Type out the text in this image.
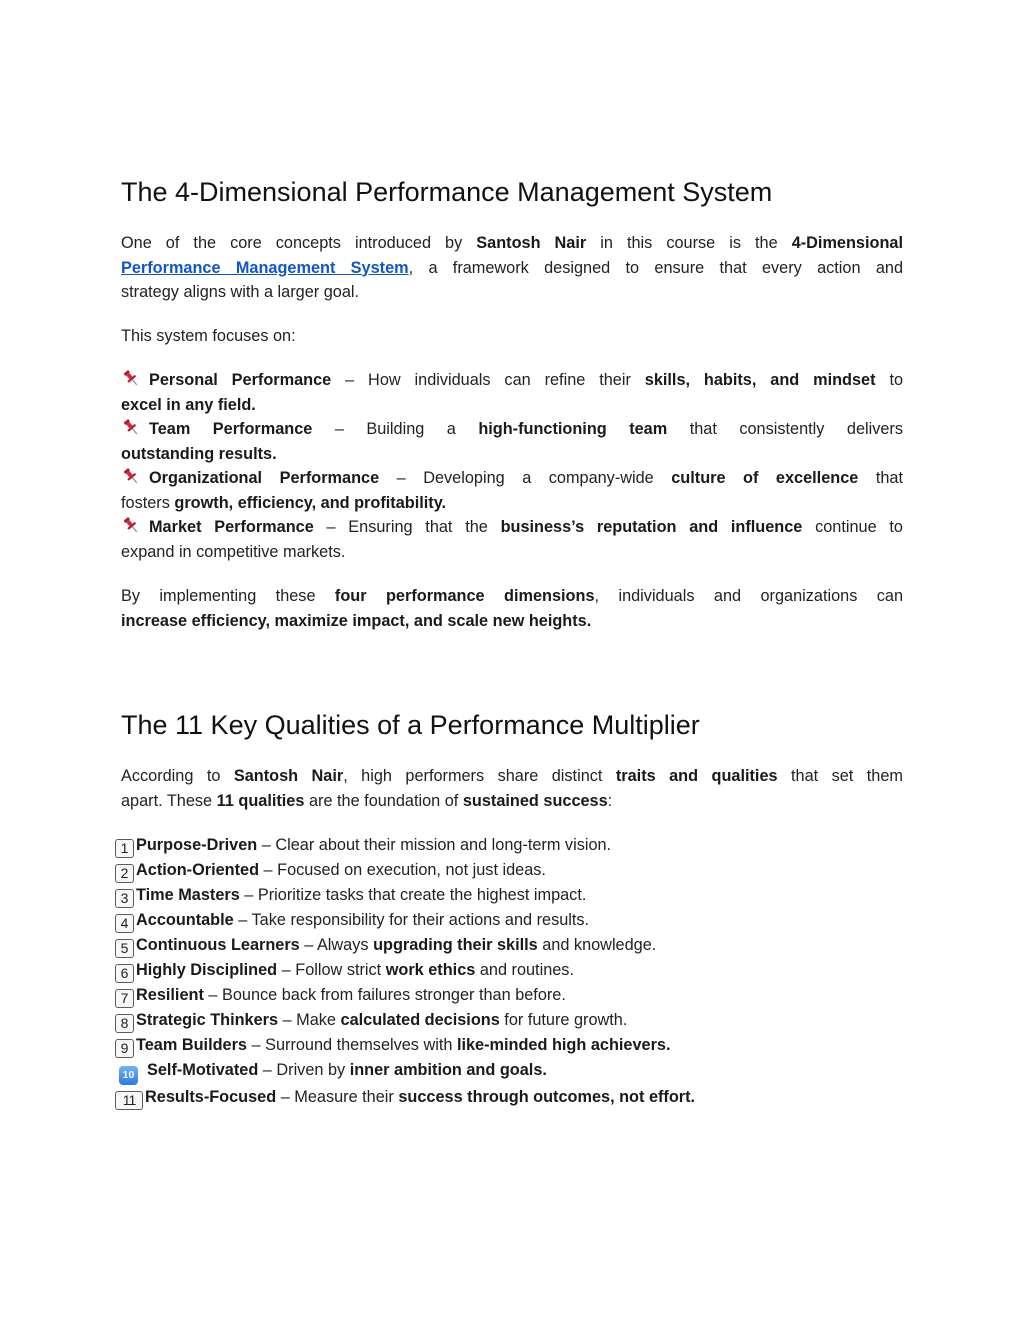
The 4-Dimensional Performance Management System

One of the core concepts introduced by Santosh Nair in this course is the 4-Dimensional
Performance Management System, a framework designed to ensure that every action and
strategy aligns with a larger goal.

This system focuses on:

Personal Performance – How individuals can refine their skills, habits, and mindset to
excel in any field.
Team Performance – Building a high-functioning team that consistently delivers
outstanding results.
Organizational Performance – Developing a company-wide culture of excellence that
fosters growth, efficiency, and profitability.
Market Performance – Ensuring that the business’s reputation and influence continue to
expand in competitive markets.

By implementing these four performance dimensions, individuals and organizations can
increase efficiency, maximize impact, and scale new heights.

The 11 Key Qualities of a Performance Multiplier

According to Santosh Nair, high performers share distinct traits and qualities that set them
apart. These 11 qualities are the foundation of sustained success:

1 Purpose-Driven – Clear about their mission and long-term vision.
2 Action-Oriented – Focused on execution, not just ideas.
3 Time Masters – Prioritize tasks that create the highest impact.
4 Accountable – Take responsibility for their actions and results.
5 Continuous Learners – Always upgrading their skills and knowledge.
6 Highly Disciplined – Follow strict work ethics and routines.
7 Resilient – Bounce back from failures stronger than before.
8 Strategic Thinkers – Make calculated decisions for future growth.
9 Team Builders – Surround themselves with like-minded high achievers.
10 Self-Motivated – Driven by inner ambition and goals.
11 Results-Focused – Measure their success through outcomes, not effort.
